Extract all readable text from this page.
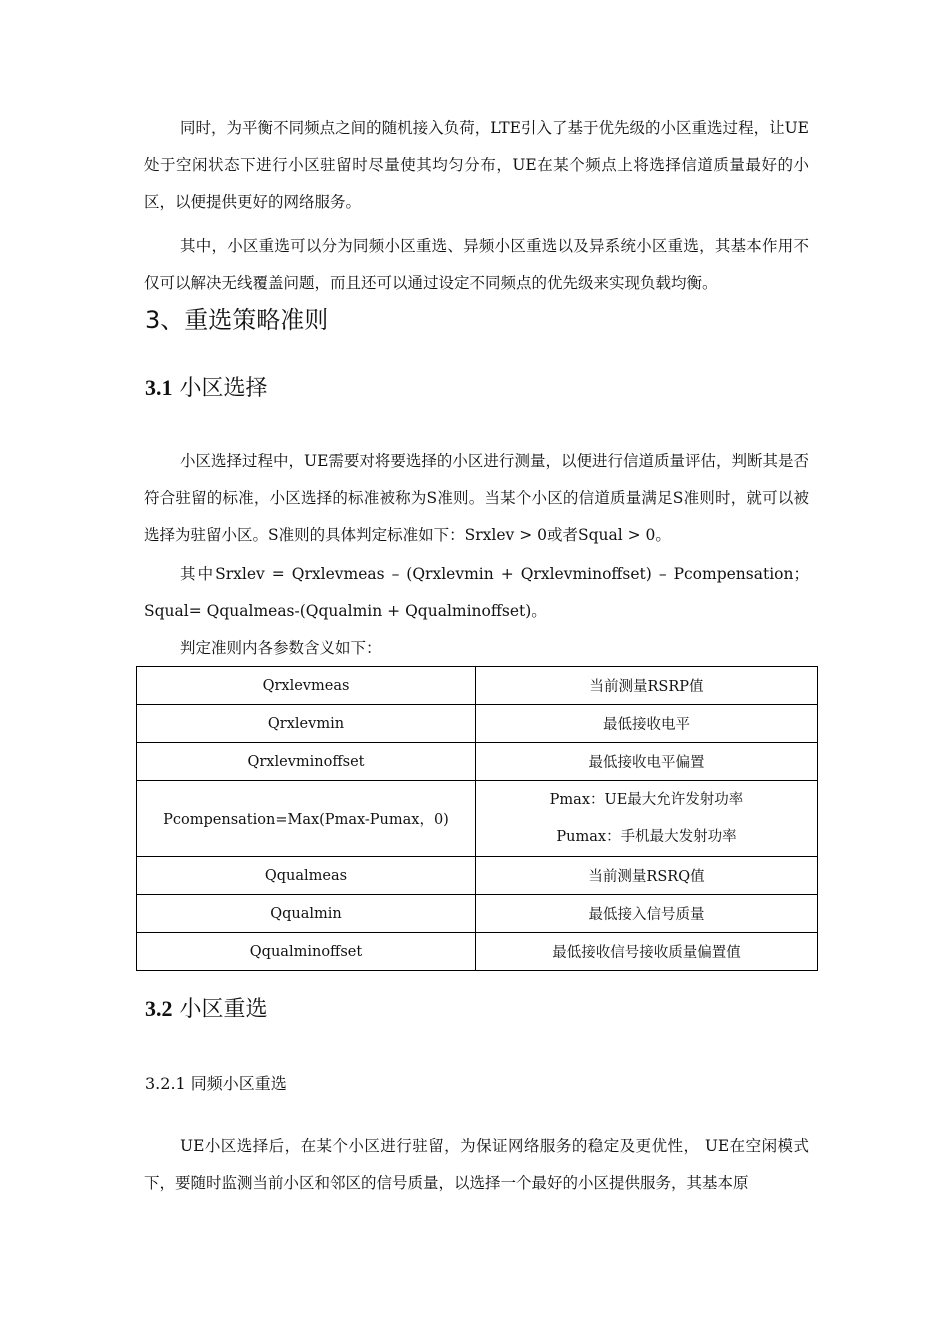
同时，为平衡不同频点之间的随机接入负荷，LTE引入了基于优先级的小区重选过程，让UE处于空闲状态下进行小区驻留时尽量使其均匀分布，UE在某个频点上将选择信道质量最好的小区，以便提供更好的网络服务。

其中，小区重选可以分为同频小区重选、异频小区重选以及异系统小区重选，其基本作用不仅可以解决无线覆盖问题，而且还可以通过设定不同频点的优先级来实现负载均衡。

3、重选策略准则
3.1 小区选择

小区选择过程中，UE需要对将要选择的小区进行测量，以便进行信道质量评估，判断其是否符合驻留的标准，小区选择的标准被称为S准则。当某个小区的信道质量满足S准则时，就可以被选择为驻留小区。S准则的具体判定标准如下：Srxlev > 0或者Squal > 0。

其中Srxlev = Qrxlevmeas – (Qrxlevmin + Qrxlevminoffset) – Pcompensation；Squal= Qqualmeas-(Qqualmin + Qqualminoffset)。

判定准则内各参数含义如下：

Qrxlevmeas	当前测量RSRP值
Qrxlevmin	最低接收电平
Qrxlevminoffset	最低接收电平偏置
Pcompensation=Max(Pmax-Pumax，0)	Pmax：UE最大允许发射功率
Pumax：手机最大发射功率

Qqualmeas	当前测量RSRQ值
Qqualmin	最低接入信号质量
Qqualminoffset	最低接收信号接收质量偏置值
3.2 小区重选
3.2.1 同频小区重选

UE小区选择后，在某个小区进行驻留，为保证网络服务的稳定及更优性， UE在空闲模式下，要随时监测当前小区和邻区的信号质量，以选择一个最好的小区提供服务，其基本原
